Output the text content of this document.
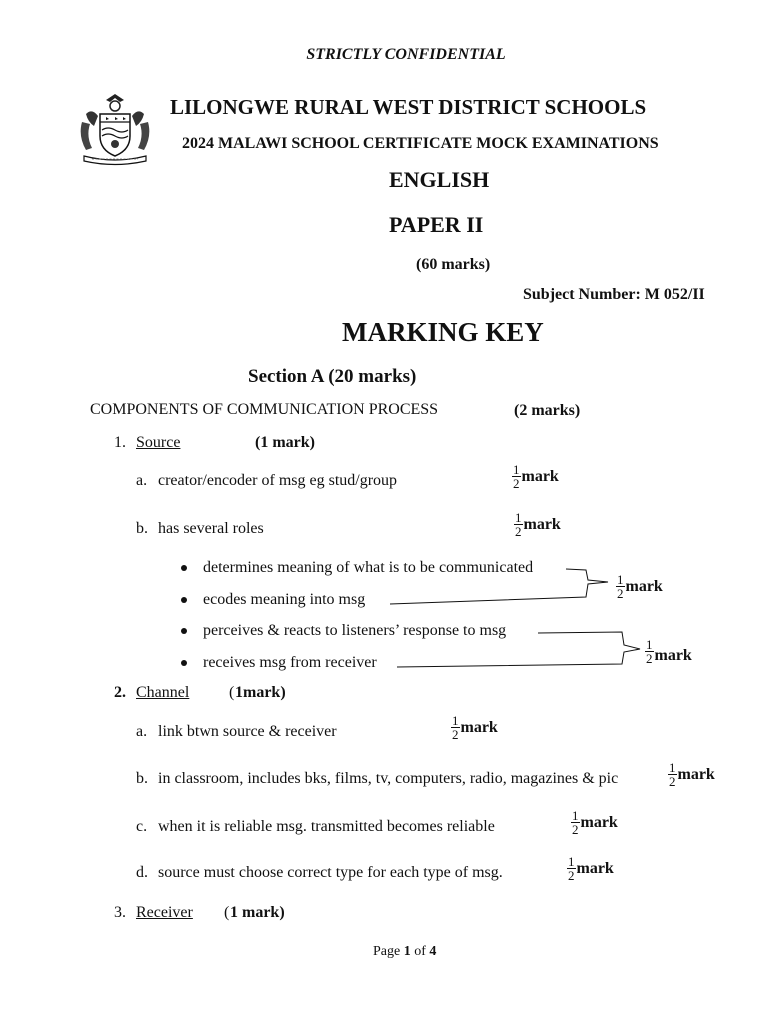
STRICTLY CONFIDENTIAL
LILONGWE RURAL WEST DISTRICT SCHOOLS
2024 MALAWI SCHOOL CERTIFICATE MOCK EXAMINATIONS
ENGLISH
PAPER II
(60 marks)
Subject Number: M 052/II
MARKING KEY
Section A (20 marks)
COMPONENTS OF COMMUNICATION PROCESS	(2 marks)
1. Source	(1 mark)
a. creator/encoder of msg eg stud/group	$\frac{1}{2}$ mark
b. has several roles	$\frac{1}{2}$ mark
determines meaning of what is to be communicated
ecodes meaning into msg
perceives & reacts to listeners’ response to msg
receives msg from receiver
$\frac{1}{2}$ mark
$\frac{1}{2}$ mark
2. Channel ( 1mark)
a. link btwn source & receiver	$\frac{1}{2}$ mark
b. in classroom, includes bks, films, tv, computers, radio, magazines & pic	$\frac{1}{2}$ mark
c. when it is reliable msg. transmitted becomes reliable	$\frac{1}{2}$ mark
d. source must choose correct type for each type of msg.	$\frac{1}{2}$ mark
3. Receiver ( 1 mark)
Page 1 of 4
